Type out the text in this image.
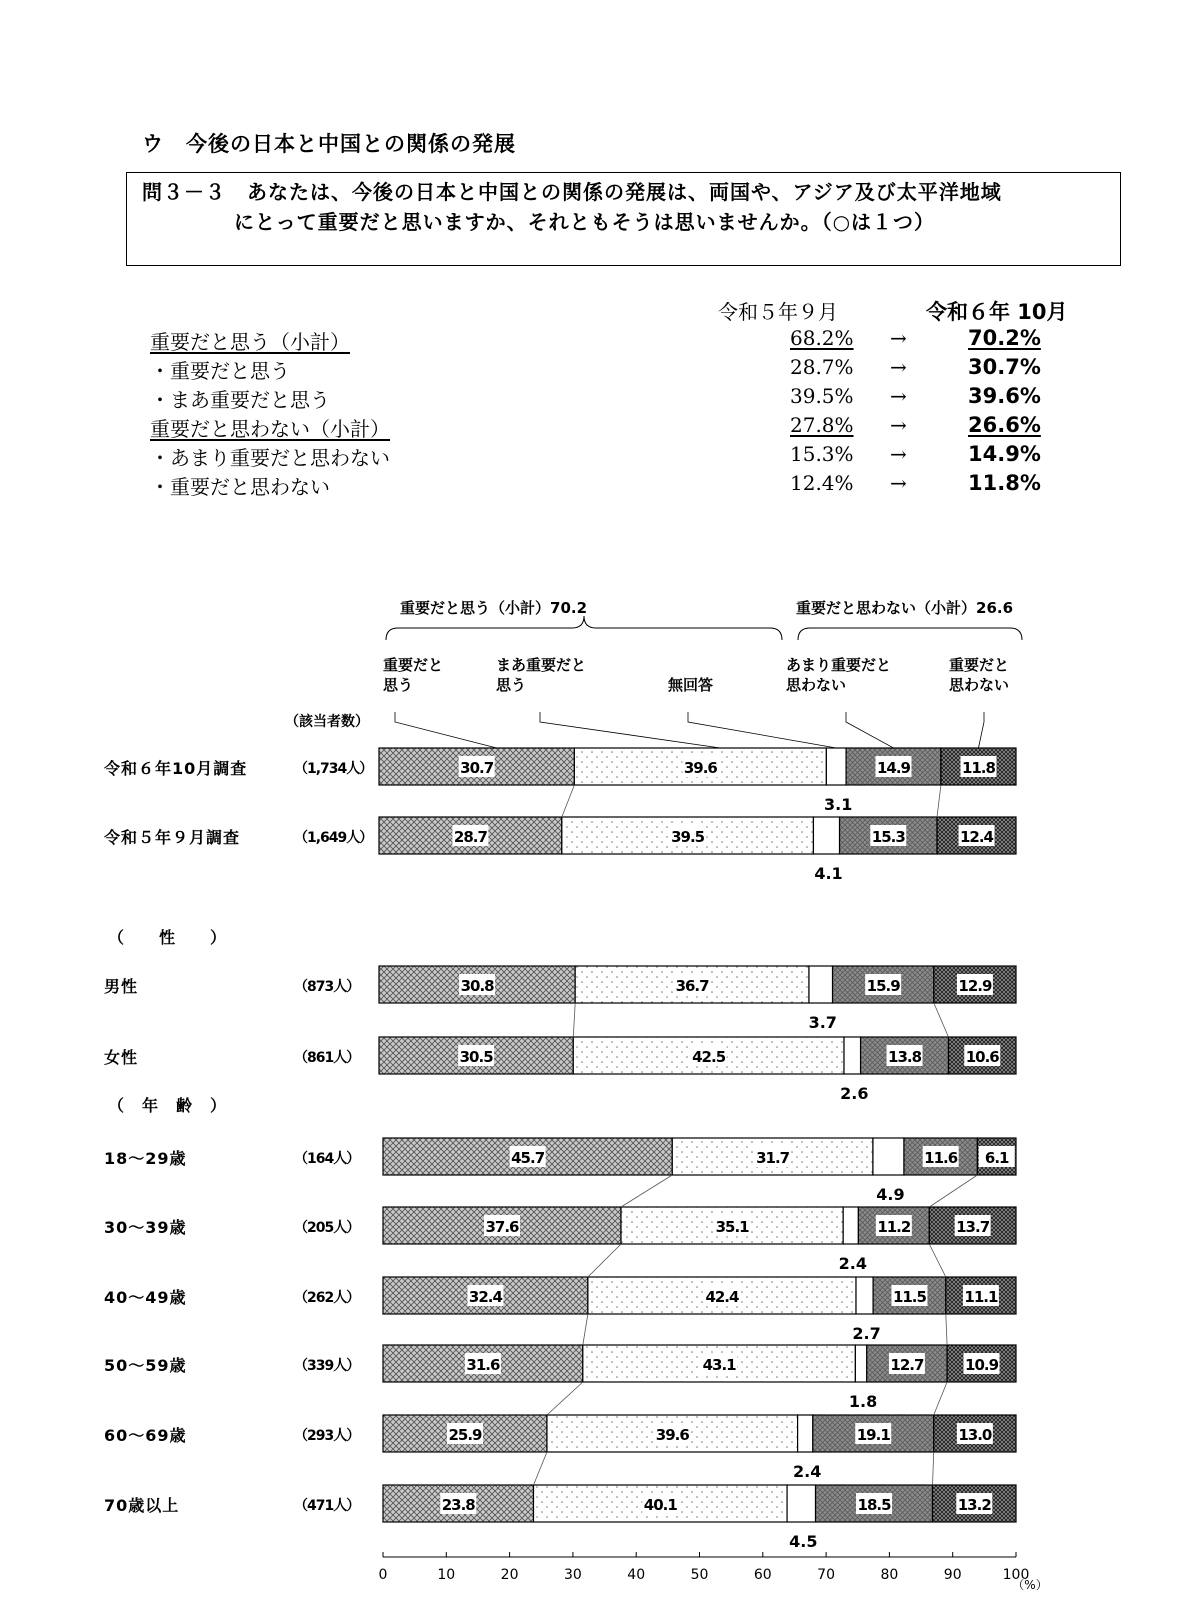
ウ　今後の日本と中国との関係の発展
問３－３　 あなたは、今後の日本と中国との関係の発展は、両国や、アジア及び太平洋地域
にとって重要だと思いますか、それともそうは思いませんか。（○は１つ）
令和５年９月	令和６年 10月
重要だと思う（小計）	68.2% →	70.2%
・重要だと思う	28.7% →	30.7%
・まあ重要だと思う	39.5% →	39.6%
重要だと思わない（小計）	27.8% →	26.6%
・あまり重要だと思わない	15.3% →	14.9%
・重要だと思わない	12.4% →	11.8%
重要だと思う（小計）70.2	重要だと思わない（小計）26.6
重要だと
思う
まあ重要だと
思う	無回答
あまり重要だと
思わない
重要だと
思わない
（該当者数）
（　　性　　）
（　年　齢　）
令和６年10月調査	（1,734人）
令和５年９月調査	（1,649人）
男性	（873人）
女性	（861人）
18～29歳	（164人）
30～39歳	（205人）
40～49歳	（262人）
50～59歳	（339人）
60～69歳	（293人）
70歳以上	（471人）
30.7	39.6	14.9	11.8
3.1
28.7	39.5	15.3	12.4
4.1
30.8	36.7	15.9	12.9
3.7
30.5	42.5	13.8	10.6
2.6
45.7	31.7	11.6 6.1
4.9
37.6	35.1	11.2	13.7
2.4
32.4	42.4	11.5	11.1
2.7
31.6	43.1	12.7	10.9
1.8
25.9	39.6	19.1	13.0
2.4
23.8	40.1	18.5	13.2
4.5
0	10	20	30	40	50	60	70	80	90	100
（%）
